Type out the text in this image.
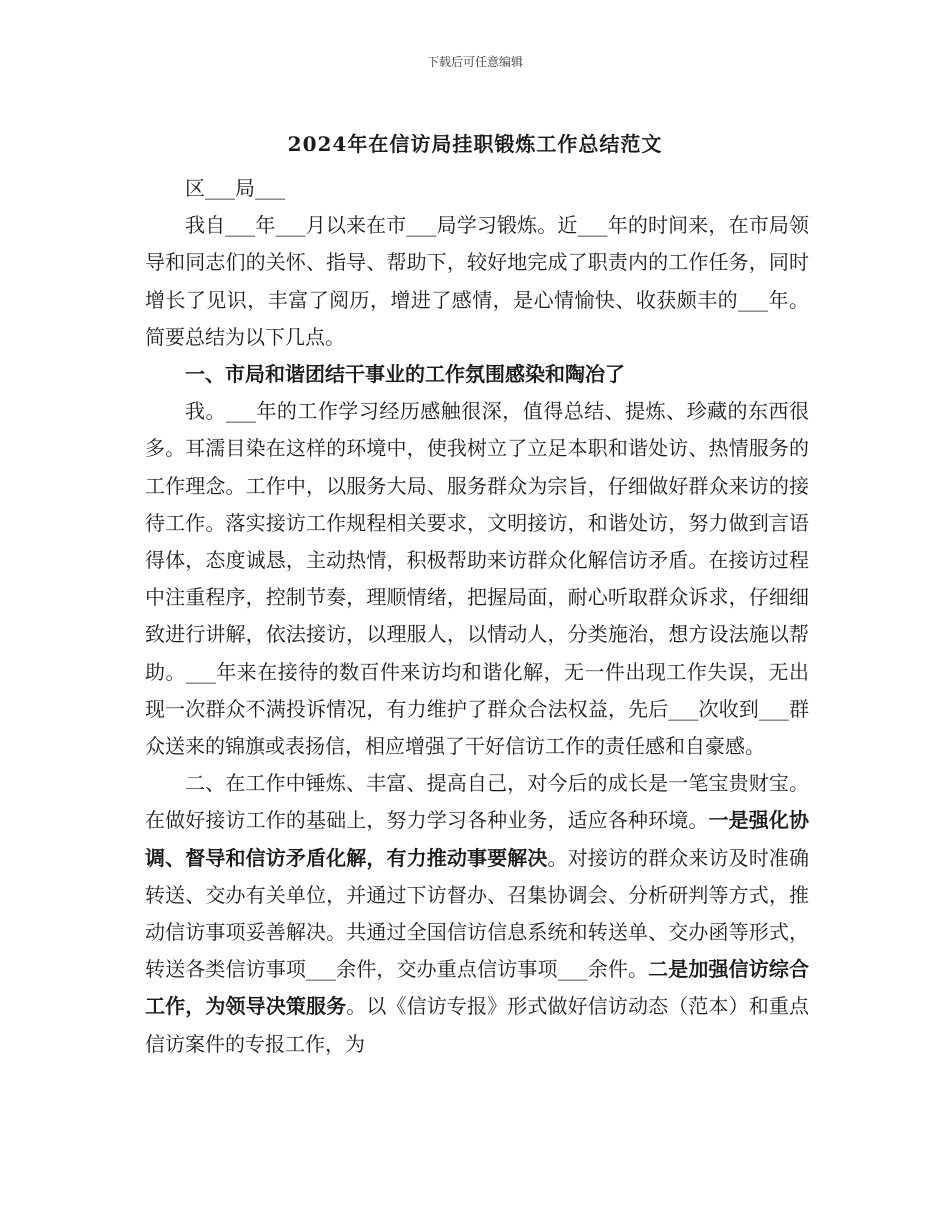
下载后可任意编辑
2024年在信访局挂职锻炼工作总结范文

区___局___

我自___年___月以来在市___局学习锻炼。近___年的时间来，在市局领导和同志们的关怀、指导、帮助下，较好地完成了职责内的工作任务，同时增长了见识，丰富了阅历，增进了感情，是心情愉快、收获颇丰的___年。简要总结为以下几点。

一、市局和谐团结干事业的工作氛围感染和陶冶了

我。___年的工作学习经历感触很深，值得总结、提炼、珍藏的东西很多。耳濡目染在这样的环境中，使我树立了立足本职和谐处访、热情服务的工作理念。工作中，以服务大局、服务群众为宗旨，仔细做好群众来访的接待工作。落实接访工作规程相关要求，文明接访，和谐处访，努力做到言语得体，态度诚恳，主动热情，积极帮助来访群众化解信访矛盾。在接访过程中注重程序，控制节奏，理顺情绪，把握局面，耐心听取群众诉求，仔细细致进行讲解，依法接访，以理服人，以情动人，分类施治，想方设法施以帮助。___年来在接待的数百件来访均和谐化解，无一件出现工作失误，无出现一次群众不满投诉情况，有力维护了群众合法权益，先后___次收到___群众送来的锦旗或表扬信，相应增强了干好信访工作的责任感和自豪感。

二、在工作中锤炼、丰富、提高自己，对今后的成长是一笔宝贵财宝。在做好接访工作的基础上，努力学习各种业务，适应各种环境。一是强化协调、督导和信访矛盾化解，有力推动事要解决。对接访的群众来访及时准确转送、交办有关单位，并通过下访督办、召集协调会、分析研判等方式，推动信访事项妥善解决。共通过全国信访信息系统和转送单、交办函等形式，转送各类信访事项___余件，交办重点信访事项___余件。二是加强信访综合工作，为领导决策服务。以《信访专报》形式做好信访动态（范本）和重点信访案件的专报工作，为
